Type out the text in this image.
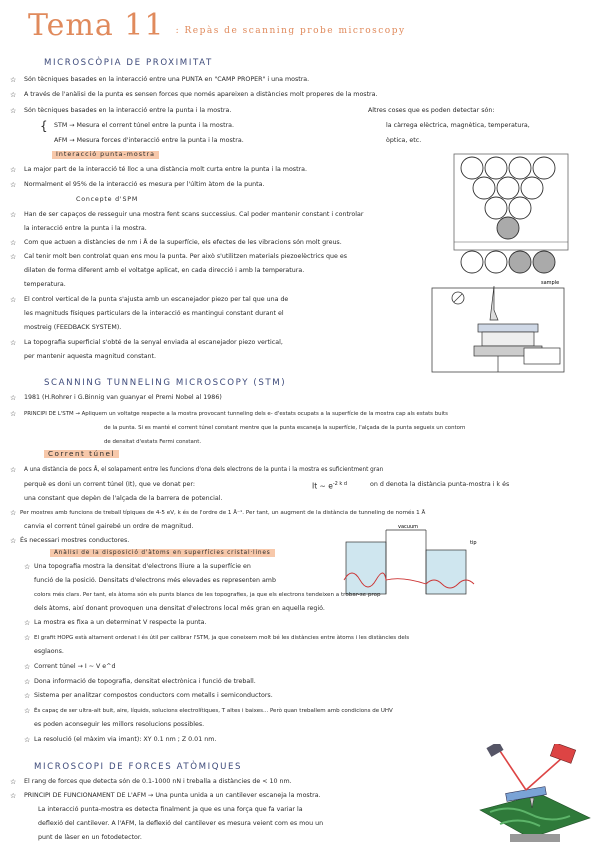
Tema 11 : Repàs de scanning probe microscopy
MICROSCÒPIA DE PROXIMITAT
☆ Són tècniques basades en la interacció entre una PUNTA en "CAMP PROPER" i una mostra.
☆ A través de l'anàlisi de la punta es sensen forces que només apareixen a distàncies molt properes de la mostra.
☆ Són tècniques basades en la interacció entre la punta i la mostra.
{ STM → Mesura el corrent túnel entre la punta i la mostra.
AFM → Mesura forces d'interacció entre la punta i la mostra.
Altres coses que es poden detectar són:
la càrrega elèctrica, magnètica, temperatura,
òptica, etc.
Interacció punta-mostra
☆ La major part de la interacció té lloc a una distància molt curta entre la punta i la mostra.
☆ Normalment el 95% de la interacció es mesura per l'últim àtom de la punta.
Concepte d'SPM
☆ Han de ser capaços de resseguir una mostra fent scans successius. Cal poder mantenir constant i controlar
la interacció entre la punta i la mostra.
☆ Com que actuen a distàncies de nm i Å de la superfície, els efectes de les vibracions són molt greus.
☆ Cal tenir molt ben controlat quan ens mou la punta. Per això s'utilitzen materials piezoelèctrics que es
dilaten de forma diferent amb el voltatge aplicat, en cada direcció i amb la temperatura.
temperatura.
☆ El control vertical de la punta s'ajusta amb un escanejador piezo per tal que una de
les magnituds físiques particulars de la interacció es mantingui constant durant el
mostreig (FEEDBACK SYSTEM).
☆ La topografia superficial s'obté de la senyal enviada al escanejador piezo vertical,
per mantenir aquesta magnitud constant.
sample
SCANNING TUNNELING MICROSCOPY (STM)
☆ 1981 (H.Rohrer i G.Binnig van guanyar el Premi Nobel al 1986)
☆ PRINCIPI DE L'STM → Apliquem un voltatge respecte a la mostra provocant tunneling dels e- d'estats ocupats a la superfície de la mostra cap als estats buits
de la punta. Si es manté el corrent túnel constant mentre que la punta escaneja la superfície, l'alçada de la punta segueix un contorn
de densitat d'estats Fermi constant.
Corrent túnel
☆ A una distància de pocs Å, el solapament entre les funcions d'ona dels electrons de la punta i la mostra es suficientment gran
perquè es doni un corrent túnel (It), que ve donat per:	It ∼ $e^{-2 k d}$	on d denota la distància punta-mostra i k és
una constant que depèn de l'alçada de la barrera de potencial.
☆ Per mostres amb funcions de treball típiques de 4-5 eV, k és de l'ordre de 1 Å⁻¹. Per tant, un augment de la distància de tunneling de només 1 Å
canvia el corrent túnel gairebé un ordre de magnitud.
☆ És necessari mostres conductores.
vacuum
tip
Anàlisi de la disposició d'àtoms en superfícies cristal·lines
☆ Una topografia mostra la densitat d'electrons lliure a la superfície en
funció de la posició. Densitats d'electrons més elevades es representen amb
colors més clars. Per tant, els àtoms són els punts blancs de les topografies, ja que els electrons tendeixen a trobar-se prop
dels àtoms, així donant provoquen una densitat d'electrons local més gran en aquella regió.
☆ La mostra es fixa a un determinat V respecte la punta.
☆ El grafit HOPG està altament ordenat i és útil per calibrar l'STM, ja que coneixem molt bé les distàncies entre àtoms i les distàncies dels
esglaons.
☆ Corrent túnel → I ∼ V e^d
☆ Dona informació de topografia, densitat electrònica i funció de treball.
☆ Sistema per analitzar compostos conductors com metalls i semiconductors.
☆ És capaç de ser ultra-alt buit, aire, líquids, solucions electrolítiques, T altes i baixes... Però quan treballem amb condicions de UHV
es poden aconseguir les millors resolucions possibles.
☆ La resolució (el màxim via imant): XY 0.1 nm ; Z 0.01 nm.
MICROSCOPI DE FORCES ATÒMIQUES
☆ El rang de forces que detecta són de 0.1-1000 nN i treballa a distàncies de < 10 nm.
☆ PRINCIPI DE FUNCIONAMENT DE L'AFM → Una punta unida a un cantilever escaneja la mostra.
La interacció punta-mostra es detecta finalment ja que es una força que fa variar la
deflexió del cantilever. A l'AFM, la deflexió del cantilever es mesura veient com es mou un
punt de làser en un fotodetector.
